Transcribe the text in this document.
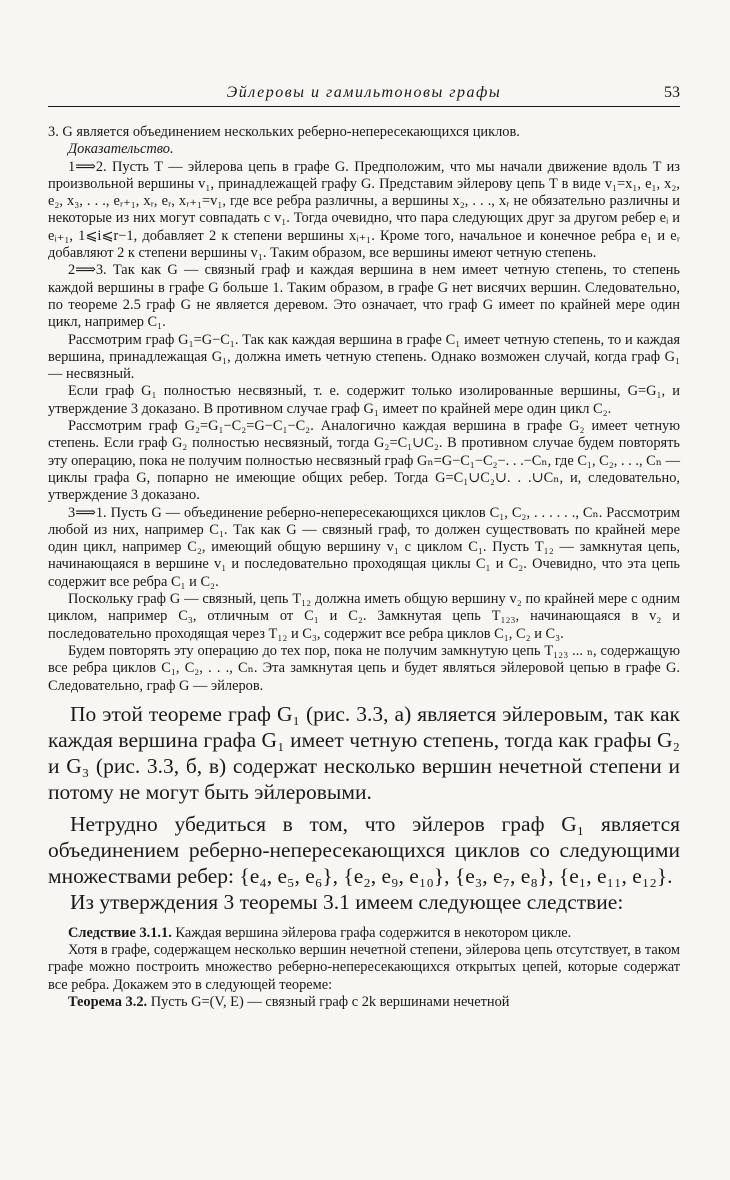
Эйлеровы и гамильтоновы графы	53

3. G является объединением нескольких реберно-непересекающихся циклов.

Доказательство.

1⟹2. Пусть T — эйлерова цепь в графе G. Предположим, что мы начали движение вдоль T из произвольной вершины v₁, принадлежащей графу G. Представим эйлерову цепь T в виде v₁=x₁, e₁, x₂, e₂, x₃, . . ., eᵣ₊₁, xᵣ, eᵣ, xᵣ₊₁=v₁, где все ребра различны, а вершины x₂, . . ., xᵣ не обязательно различны и некоторые из них могут совпадать с v₁. Тогда очевидно, что пара следующих друг за другом ребер eᵢ и eᵢ₊₁, 1⩽i⩽r−1, добавляет 2 к степени вершины xᵢ₊₁. Кроме того, начальное и конечное ребра e₁ и eᵣ добавляют 2 к степени вершины v₁. Таким образом, все вершины имеют четную степень.

2⟹3. Так как G — связный граф и каждая вершина в нем имеет четную степень, то степень каждой вершины в графе G больше 1. Таким образом, в графе G нет висячих вершин. Следовательно, по теореме 2.5 граф G не является деревом. Это означает, что граф G имеет по крайней мере один цикл, например C₁.

Рассмотрим граф G₁=G−C₁. Так как каждая вершина в графе C₁ имеет четную степень, то и каждая вершина, принадлежащая G₁, должна иметь четную степень. Однако возможен случай, когда граф G₁ — несвязный.

Если граф G₁ полностью несвязный, т. е. содержит только изолированные вершины, G=G₁, и утверждение 3 доказано. В противном случае граф G₁ имеет по крайней мере один цикл C₂.

Рассмотрим граф G₂=G₁−C₂=G−C₁−C₂. Аналогично каждая вершина в графе G₂ имеет четную степень. Если граф G₂ полностью несвязный, тогда G₂=C₁∪C₂. В противном случае будем повторять эту операцию, пока не получим полностью несвязный граф Gₙ=G−C₁−C₂−. . .−Cₙ, где C₁, C₂, . . ., Cₙ — циклы графа G, попарно не имеющие общих ребер. Тогда G=C₁∪C₂∪. . .∪Cₙ, и, следовательно, утверждение 3 доказано.

3⟹1. Пусть G — объединение реберно-непересекающихся циклов C₁, C₂, . . . . . ., Cₙ. Рассмотрим любой из них, например C₁. Так как G — связный граф, то должен существовать по крайней мере один цикл, например C₂, имеющий общую вершину v₁ с циклом C₁. Пусть T₁₂ — замкнутая цепь, начинающаяся в вершине v₁ и последовательно проходящая циклы C₁ и C₂. Очевидно, что эта цепь содержит все ребра C₁ и C₂.

Поскольку граф G — связный, цепь T₁₂ должна иметь общую вершину v₂ по крайней мере с одним циклом, например C₃, отличным от C₁ и C₂. Замкнутая цепь T₁₂₃, начинающаяся в v₂ и последовательно проходящая через T₁₂ и C₃, содержит все ребра циклов C₁, C₂ и C₃.

Будем повторять эту операцию до тех пор, пока не получим замкнутую цепь T₁₂₃ ... ₙ, содержащую все ребра циклов C₁, C₂, . . ., Cₙ. Эта замкнутая цепь и будет являться эйлеровой цепью в графе G. Следовательно, граф G — эйлеров.

По этой теореме граф G₁ (рис. 3.3, а) является эйлеровым, так как каждая вершина графа G₁ имеет четную степень, тогда как графы G₂ и G₃ (рис. 3.3, б, в) содержат несколько вершин нечетной степени и потому не могут быть эйлеровыми.

Нетрудно убедиться в том, что эйлеров граф G₁ является объединением реберно-непересекающихся циклов со следующими множествами ребер: {e₄, e₅, e₆}, {e₂, e₉, e₁₀}, {e₃, e₇, e₈}, {e₁, e₁₁, e₁₂}.

Из утверждения 3 теоремы 3.1 имеем следующее следствие:

Следствие 3.1.1. Каждая вершина эйлерова графа содержится в некотором цикле.

Хотя в графе, содержащем несколько вершин нечетной степени, эйлерова цепь отсутствует, в таком графе можно построить множество реберно-непересекающихся открытых цепей, которые содержат все ребра. Докажем это в следующей теореме:

Теорема 3.2. Пусть G=(V, E) — связный граф с 2k вершинами нечетной
